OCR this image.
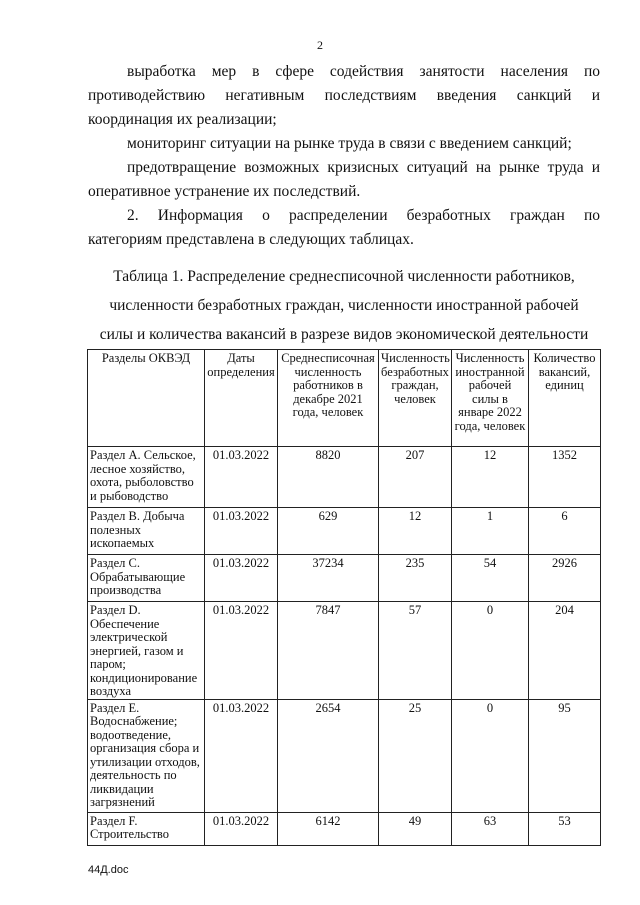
2
выработка мер в сфере содействия занятости населения по
противодействию негативным последствиям введения санкций и
координация их реализации;
мониторинг ситуации на рынке труда в связи с введением санкций;
предотвращение возможных кризисных ситуаций на рынке труда и
оперативное устранение их последствий.
2. Информация о распределении безработных граждан по
категориям представлена в следующих таблицах.
Таблица 1. Распределение среднесписочной численности работников,
численности безработных граждан, численности иностранной рабочей
силы и количества вакансий в разрезе видов экономической деятельности
Разделы ОКВЭД	Даты определения	Среднесписочная численность работников в декабре 2021 года, человек	Численность безработных граждан, человек	Численность иностранной рабочей силы в январе 2022 года, человек	Количество вакансий, единиц
Раздел А. Сельское, лесное хозяйство, охота, рыболовство и рыбоводство	01.03.2022	8820	207	12	1352
Раздел В. Добыча полезных ископаемых	01.03.2022	629	12	1	6
Раздел С. Обрабатывающие производства	01.03.2022	37234	235	54	2926
Раздел D. Обеспечение электрической энергией, газом и паром; кондиционирование воздуха	01.03.2022	7847	57	0	204
Раздел Е. Водоснабжение; водоотведение, организация сбора и утилизации отходов, деятельность по ликвидации загрязнений	01.03.2022	2654	25	0	95
Раздел F. Строительство	01.03.2022	6142	49	63	53
44Д.doc
